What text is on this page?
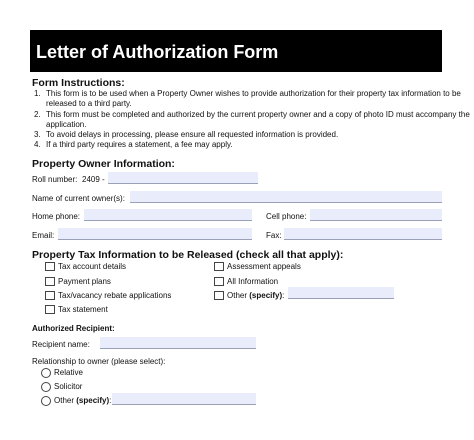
Letter of Authorization Form
Form Instructions:
1. This form is to be used when a Property Owner wishes to provide authorization for their property tax information to be
released to a third party.
2. This form must be completed and authorized by the current property owner and a copy of photo ID must accompany the
application.
3. To avoid delays in processing, please ensure all requested information is provided.
4. If a third party requires a statement, a fee may apply.
Property Owner Information:
Roll number: 2409 -
Name of current owner(s):
Home phone:	Cell phone:
Email:	Fax:
Property Tax Information to be Released (check all that apply):
Tax account details
Payment plans
Tax/vacancy rebate applications
Tax statement
Assessment appeals
All Information
Other (specify):
Authorized Recipient:
Recipient name:
Relationship to owner (please select):
Relative
Solicitor
Other (specify):
